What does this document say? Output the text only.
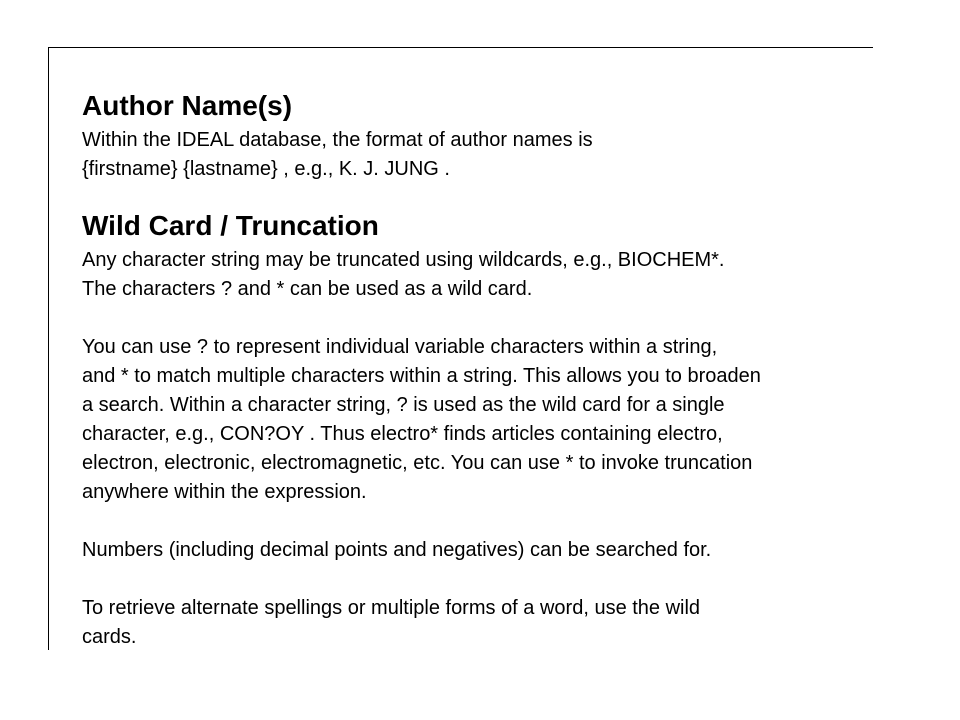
Author Name(s)

Within the IDEAL database, the format of author names is

{firstname} {lastname} , e.g., K. J. JUNG .

Wild Card / Truncation

Any character string may be truncated using wildcards, e.g., BIOCHEM*.

The characters ? and * can be used as a wild card.

You can use ? to represent individual variable characters within a string,

and * to match multiple characters within a string. This allows you to broaden

a search. Within a character string, ? is used as the wild card for a single

character, e.g., CON?OY . Thus electro* finds articles containing electro,

electron, electronic, electromagnetic, etc. You can use * to invoke truncation

anywhere within the expression.

Numbers (including decimal points and negatives) can be searched for.

To retrieve alternate spellings or multiple forms of a word, use the wild

cards.
